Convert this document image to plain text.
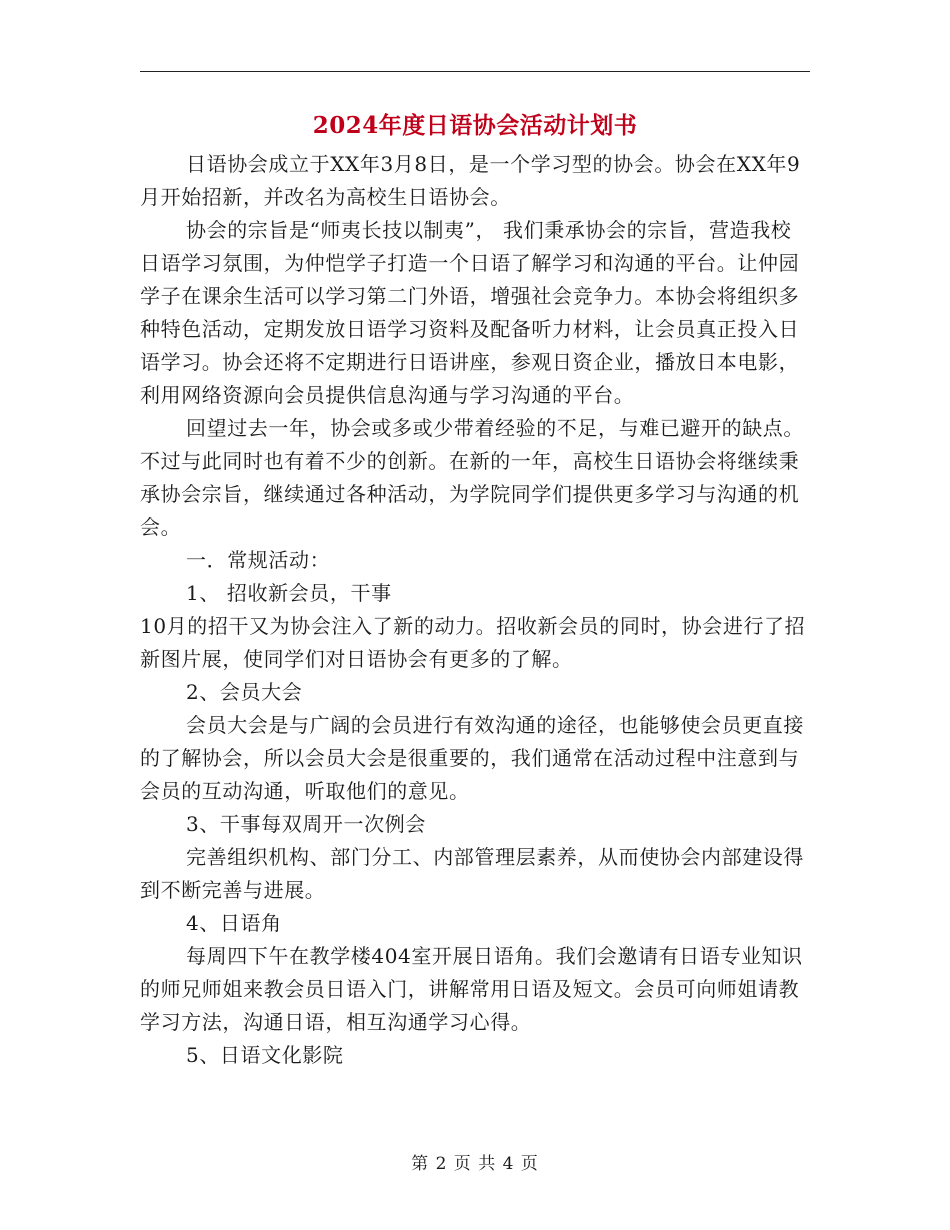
2024年度日语协会活动计划书

日语协会成立于XX年3月8日，是一个学习型的协会。协会在XX年9月开始招新，并改名为高校生日语协会。

协会的宗旨是“师夷长技以制夷”， 我们秉承协会的宗旨，营造我校日语学习氛围，为仲恺学子打造一个日语了解学习和沟通的平台。让仲园学子在课余生活可以学习第二门外语，增强社会竞争力。本协会将组织多种特色活动，定期发放日语学习资料及配备听力材料，让会员真正投入日语学习。协会还将不定期进行日语讲座，参观日资企业，播放日本电影，利用网络资源向会员提供信息沟通与学习沟通的平台。

回望过去一年，协会或多或少带着经验的不足，与难已避开的缺点。不过与此同时也有着不少的创新。在新的一年，高校生日语协会将继续秉承协会宗旨，继续通过各种活动，为学院同学们提供更多学习与沟通的机会。

一．常规活动：

1、 招收新会员，干事

10月的招干又为协会注入了新的动力。招收新会员的同时，协会进行了招新图片展，使同学们对日语协会有更多的了解。

2、会员大会

会员大会是与广阔的会员进行有效沟通的途径，也能够使会员更直接的了解协会，所以会员大会是很重要的，我们通常在活动过程中注意到与会员的互动沟通，听取他们的意见。

3、干事每双周开一次例会

完善组织机构、部门分工、内部管理层素养，从而使协会内部建设得到不断完善与进展。

4、日语角

每周四下午在教学楼404室开展日语角。我们会邀请有日语专业知识的师兄师姐来教会员日语入门，讲解常用日语及短文。会员可向师姐请教学习方法，沟通日语，相互沟通学习心得。

5、日语文化影院

第 2 页 共 4 页
